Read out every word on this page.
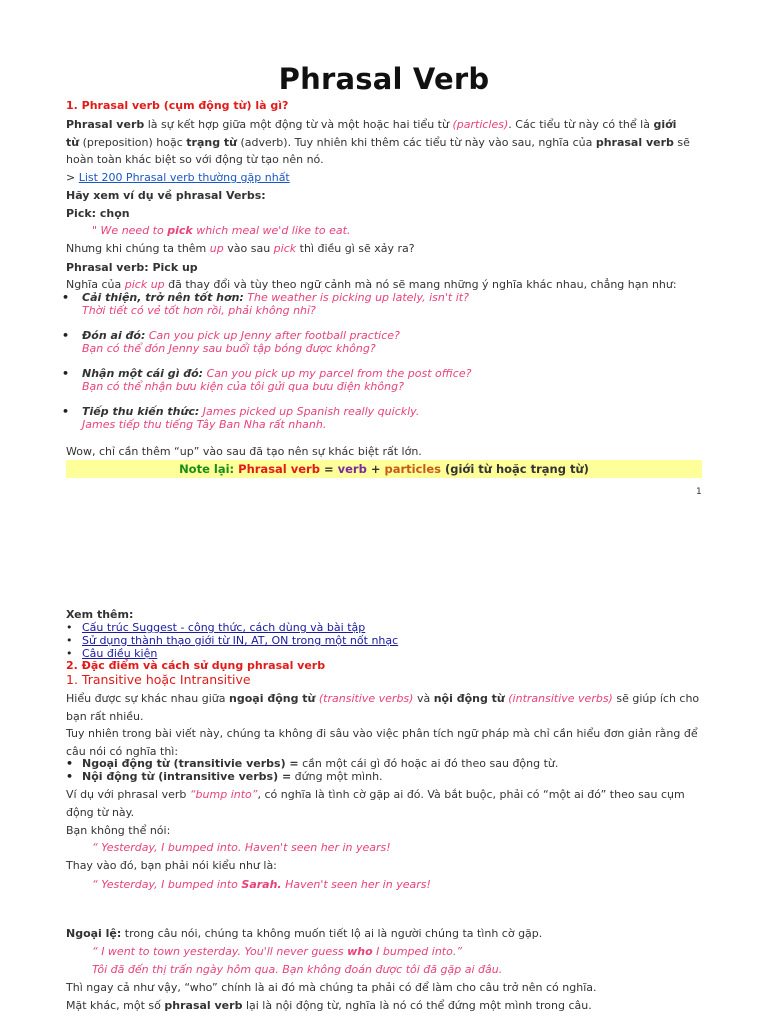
Phrasal Verb
1. Phrasal verb (cụm động từ) là gì?
Phrasal verb là sự kết hợp giữa một động từ và một hoặc hai tiểu từ (particles). Các tiểu từ này có thể là giới
từ (preposition) hoặc trạng từ (adverb). Tuy nhiên khi thêm các tiểu từ này vào sau, nghĩa của phrasal verb sẽ
hoàn toàn khác biệt so với động từ tạo nên nó.
> List 200 Phrasal verb thường gặp nhất
Hãy xem ví dụ về phrasal Verbs:
Pick: chọn
" We need to pick which meal we'd like to eat.
Nhưng khi chúng ta thêm up vào sau pick thì điều gì sẽ xảy ra?
Phrasal verb: Pick up
Nghĩa của pick up đã thay đổi và tùy theo ngữ cảnh mà nó sẽ mang những ý nghĩa khác nhau, chẳng hạn như:
• Cải thiện, trở nên tốt hơn: The weather is picking up lately, isn't it?
Thời tiết có vẻ tốt hơn rồi, phải không nhỉ?
• Đón ai đó: Can you pick up Jenny after football practice?
Bạn có thể đón Jenny sau buổi tập bóng được không?
• Nhận một cái gì đó: Can you pick up my parcel from the post office?
Bạn có thể nhận bưu kiện của tôi gửi qua bưu điện không?
• Tiếp thu kiến thức: James picked up Spanish really quickly.
James tiếp thu tiếng Tây Ban Nha rất nhanh.
Wow, chỉ cần thêm “up” vào sau đã tạo nên sự khác biệt rất lớn.
Note lại: Phrasal verb = verb + particles (giới từ hoặc trạng từ)
1
Xem thêm:
• Cấu trúc Suggest - công thức, cách dùng và bài tập
• Sử dụng thành thạo giới từ IN, AT, ON trong một nốt nhạc
• Câu điều kiện
2. Đặc điểm và cách sử dụng phrasal verb
1. Transitive hoặc Intransitive
Hiểu được sự khác nhau giữa ngoại động từ (transitive verbs) và nội động từ (intransitive verbs) sẽ giúp ích cho
bạn rất nhiều.
Tuy nhiên trong bài viết này, chúng ta không đi sâu vào việc phân tích ngữ pháp mà chỉ cần hiểu đơn giản rằng để
câu nói có nghĩa thì:
• Ngoại động từ (transitivie verbs) = cần một cái gì đó hoặc ai đó theo sau động từ.
• Nội động từ (intransitive verbs) = đứng một mình.
Ví dụ với phrasal verb “bump into”, có nghĩa là tình cờ gặp ai đó. Và bắt buộc, phải có “một ai đó” theo sau cụm
động từ này.
Bạn không thể nói:
“ Yesterday, I bumped into. Haven't seen her in years!
Thay vào đó, bạn phải nói kiểu như là:
“ Yesterday, I bumped into Sarah. Haven't seen her in years!
Ngoại lệ: trong câu nói, chúng ta không muốn tiết lộ ai là người chúng ta tình cờ gặp.
“ I went to town yesterday. You'll never guess who I bumped into.”
Tôi đã đến thị trấn ngày hôm qua. Bạn không đoán được tôi đã gặp ai đâu.
Thì ngay cả như vậy, “who” chính là ai đó mà chúng ta phải có để làm cho câu trở nên có nghĩa.
Mặt khác, một số phrasal verb lại là nội động từ, nghĩa là nó có thể đứng một mình trong câu.
